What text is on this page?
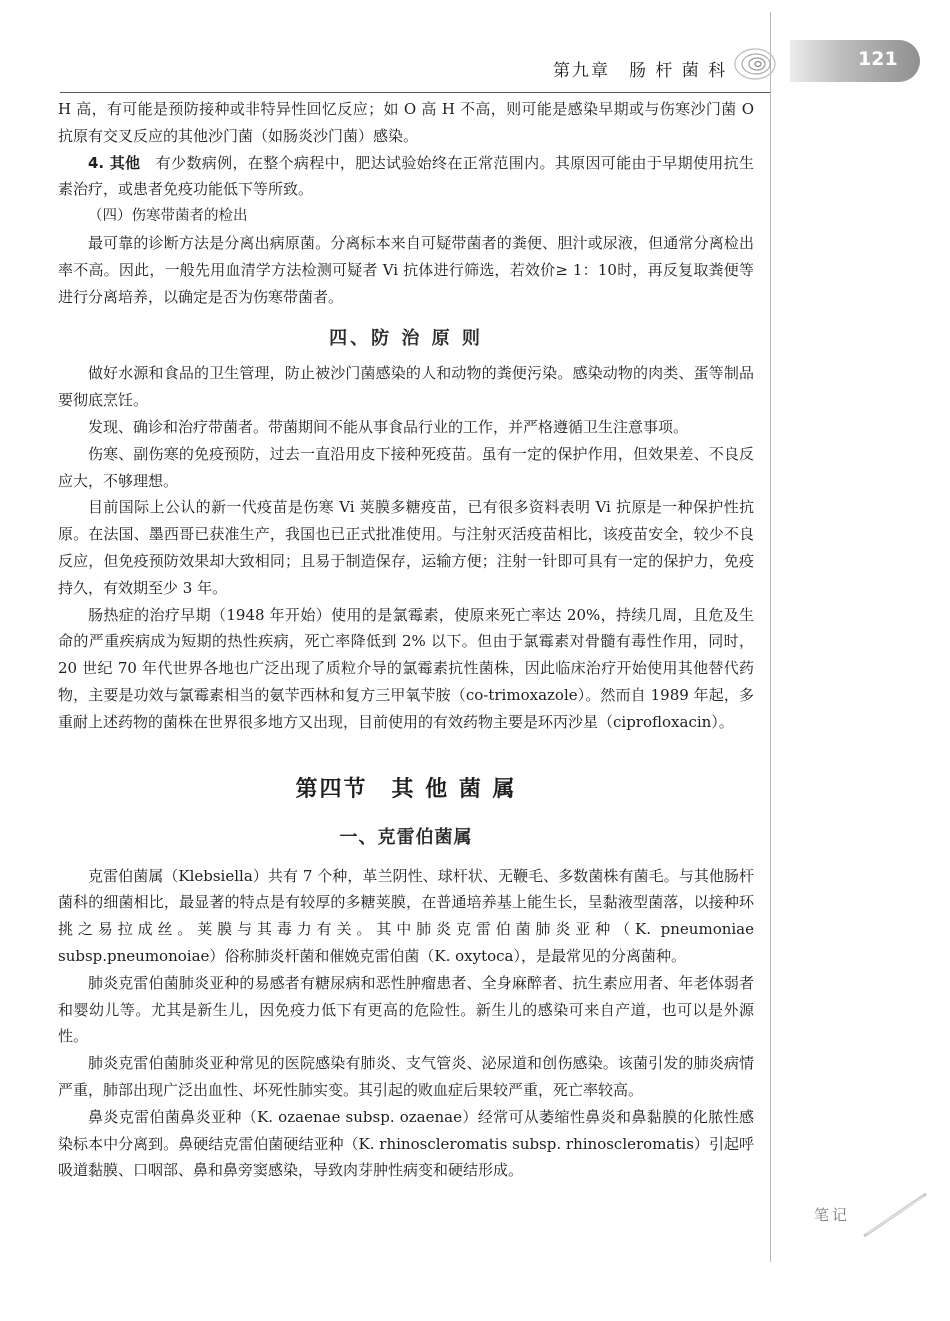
第九章　肠 杆 菌 科
121

H 高，有可能是预防接种或非特异性回忆反应；如 O 高 H 不高，则可能是感染早期或与伤寒沙门菌 O 抗原有交叉反应的其他沙门菌（如肠炎沙门菌）感染。

4. 其他　有少数病例，在整个病程中，肥达试验始终在正常范围内。其原因可能由于早期使用抗生素治疗，或患者免疫功能低下等所致。

（四）伤寒带菌者的检出

最可靠的诊断方法是分离出病原菌。分离标本来自可疑带菌者的粪便、胆汁或尿液，但通常分离检出率不高。因此，一般先用血清学方法检测可疑者 Vi 抗体进行筛选，若效价≥ 1：10时，再反复取粪便等进行分离培养，以确定是否为伤寒带菌者。

四、防 治 原 则

做好水源和食品的卫生管理，防止被沙门菌感染的人和动物的粪便污染。感染动物的肉类、蛋等制品要彻底烹饪。

发现、确诊和治疗带菌者。带菌期间不能从事食品行业的工作，并严格遵循卫生注意事项。

伤寒、副伤寒的免疫预防，过去一直沿用皮下接种死疫苗。虽有一定的保护作用，但效果差、不良反应大，不够理想。

目前国际上公认的新一代疫苗是伤寒 Vi 荚膜多糖疫苗，已有很多资料表明 Vi 抗原是一种保护性抗原。在法国、墨西哥已获准生产，我国也已正式批准使用。与注射灭活疫苗相比，该疫苗安全，较少不良反应，但免疫预防效果却大致相同；且易于制造保存，运输方便；注射一针即可具有一定的保护力，免疫持久，有效期至少 3 年。

肠热症的治疗早期（1948 年开始）使用的是氯霉素，使原来死亡率达 20%，持续几周，且危及生命的严重疾病成为短期的热性疾病，死亡率降低到 2% 以下。但由于氯霉素对骨髓有毒性作用，同时，20 世纪 70 年代世界各地也广泛出现了质粒介导的氯霉素抗性菌株，因此临床治疗开始使用其他替代药物，主要是功效与氯霉素相当的氨苄西林和复方三甲氧苄胺（co-trimoxazole）。然而自 1989 年起，多重耐上述药物的菌株在世界很多地方又出现，目前使用的有效药物主要是环丙沙星（ciprofloxacin）。

第四节　其 他 菌 属
一、克雷伯菌属

克雷伯菌属（Klebsiella）共有 7 个种，革兰阴性、球杆状、无鞭毛、多数菌株有菌毛。与其他肠杆菌科的细菌相比，最显著的特点是有较厚的多糖荚膜，在普通培养基上能生长，呈黏液型菌落，以接种环挑之易拉成丝。荚膜与其毒力有关。其中肺炎克雷伯菌肺炎亚种（K. pneumoniae subsp.pneumonoiae）俗称肺炎杆菌和催娩克雷伯菌（K. oxytoca），是最常见的分离菌种。

肺炎克雷伯菌肺炎亚种的易感者有糖尿病和恶性肿瘤患者、全身麻醉者、抗生素应用者、年老体弱者和婴幼儿等。尤其是新生儿，因免疫力低下有更高的危险性。新生儿的感染可来自产道，也可以是外源性。

肺炎克雷伯菌肺炎亚种常见的医院感染有肺炎、支气管炎、泌尿道和创伤感染。该菌引发的肺炎病情严重，肺部出现广泛出血性、坏死性肺实变。其引起的败血症后果较严重，死亡率较高。

鼻炎克雷伯菌鼻炎亚种（K. ozaenae subsp. ozaenae）经常可从萎缩性鼻炎和鼻黏膜的化脓性感染标本中分离到。鼻硬结克雷伯菌硬结亚种（K. rhinoscleromatis subsp. rhinoscleromatis）引起呼吸道黏膜、口咽部、鼻和鼻旁窦感染，导致肉芽肿性病变和硬结形成。

笔记
